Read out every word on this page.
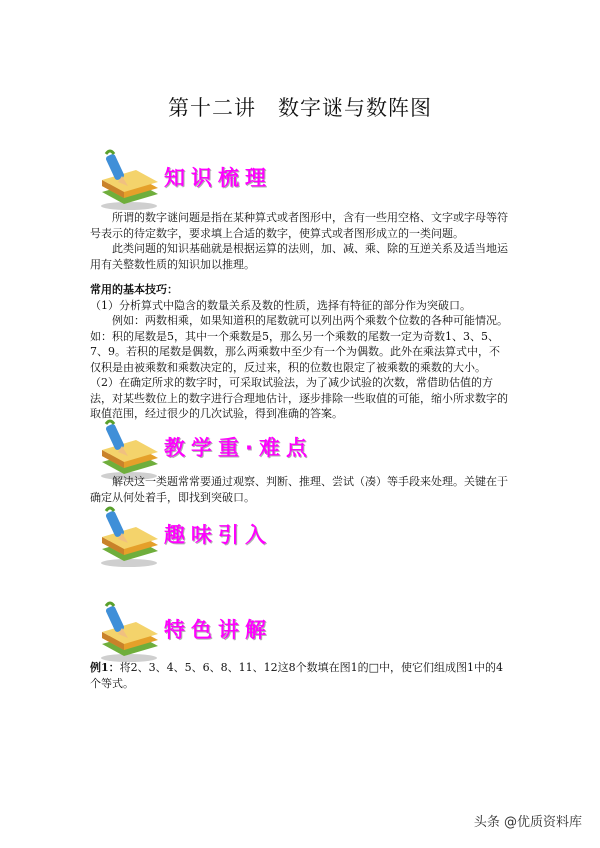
第十二讲　数字谜与数阵图
知识梳理
所谓的数字谜问题是指在某种算式或者图形中，含有一些用空格、文字或字母等符号表示的待定数字，要求填上合适的数字，使算式或者图形成立的一类问题。
此类问题的知识基础就是根据运算的法则，加、减、乘、除的互逆关系及适当地运用有关整数性质的知识加以推理。
常用的基本技巧：
（1）分析算式中隐含的数量关系及数的性质，选择有特征的部分作为突破口。
例如：两数相乘，如果知道积的尾数就可以列出两个乘数个位数的各种可能情况。如：积的尾数是5，其中一个乘数是5，那么另一个乘数的尾数一定为奇数1、3、5、7、9。若积的尾数是偶数，那么两乘数中至少有一个为偶数。此外在乘法算式中，不仅积是由被乘数和乘数决定的，反过来，积的位数也限定了被乘数的乘数的大小。
（2）在确定所求的数字时，可采取试验法，为了减少试验的次数，常借助估值的方法，对某些数位上的数字进行合理地估计，逐步排除一些取值的可能，缩小所求数字的取值范围，经过很少的几次试验，得到准确的答案。
教学重·难点
解决这一类题常常要通过观察、判断、推理、尝试（凑）等手段来处理。关键在于确定从何处着手，即找到突破口。
趣味引入
特色讲解
例1：将2、3、4、5、6、8、11、12这8个数填在图1的□中，使它们组成图1中的4个等式。
头条 @优质资料库
